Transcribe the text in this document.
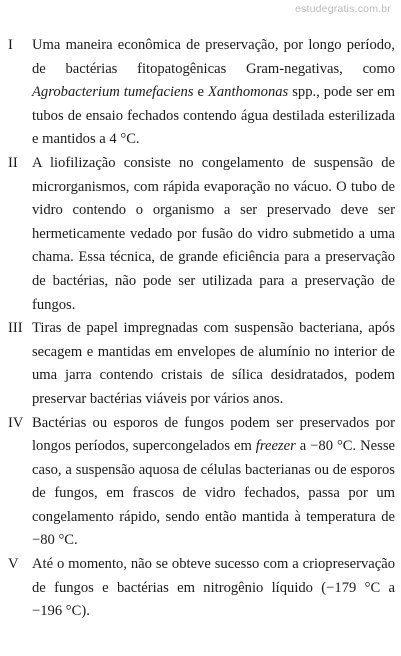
estudegratis.com.br
I	Uma maneira econômica de preservação, por longo período,
de bactérias fitopatogênicas Gram-negativas, como
Agrobacterium tumefaciens e Xanthomonas spp., pode ser em
tubos de ensaio fechados contendo água destilada esterilizada
e mantidos a 4 °C.
II A liofilização consiste no congelamento de suspensão de
microrganismos, com rápida evaporação no vácuo. O tubo de
vidro contendo o organismo a ser preservado deve ser
hermeticamente vedado por fusão do vidro submetido a uma
chama. Essa técnica, de grande eficiência para a preservação
de bactérias, não pode ser utilizada para a preservação de
fungos.
III Tiras de papel impregnadas com suspensão bacteriana, após
secagem e mantidas em envelopes de alumínio no interior de
uma jarra contendo cristais de sílica desidratados, podem
preservar bactérias viáveis por vários anos.
IV Bactérias ou esporos de fungos podem ser preservados por
longos períodos, supercongelados em freezer a −80 °C. Nesse
caso, a suspensão aquosa de células bacterianas ou de esporos
de fungos, em frascos de vidro fechados, passa por um
congelamento rápido, sendo então mantida à temperatura de
−80 °C.
V Até o momento, não se obteve sucesso com a criopreservação
de fungos e bactérias em nitrogênio líquido (−179 °C a
−196 °C).
